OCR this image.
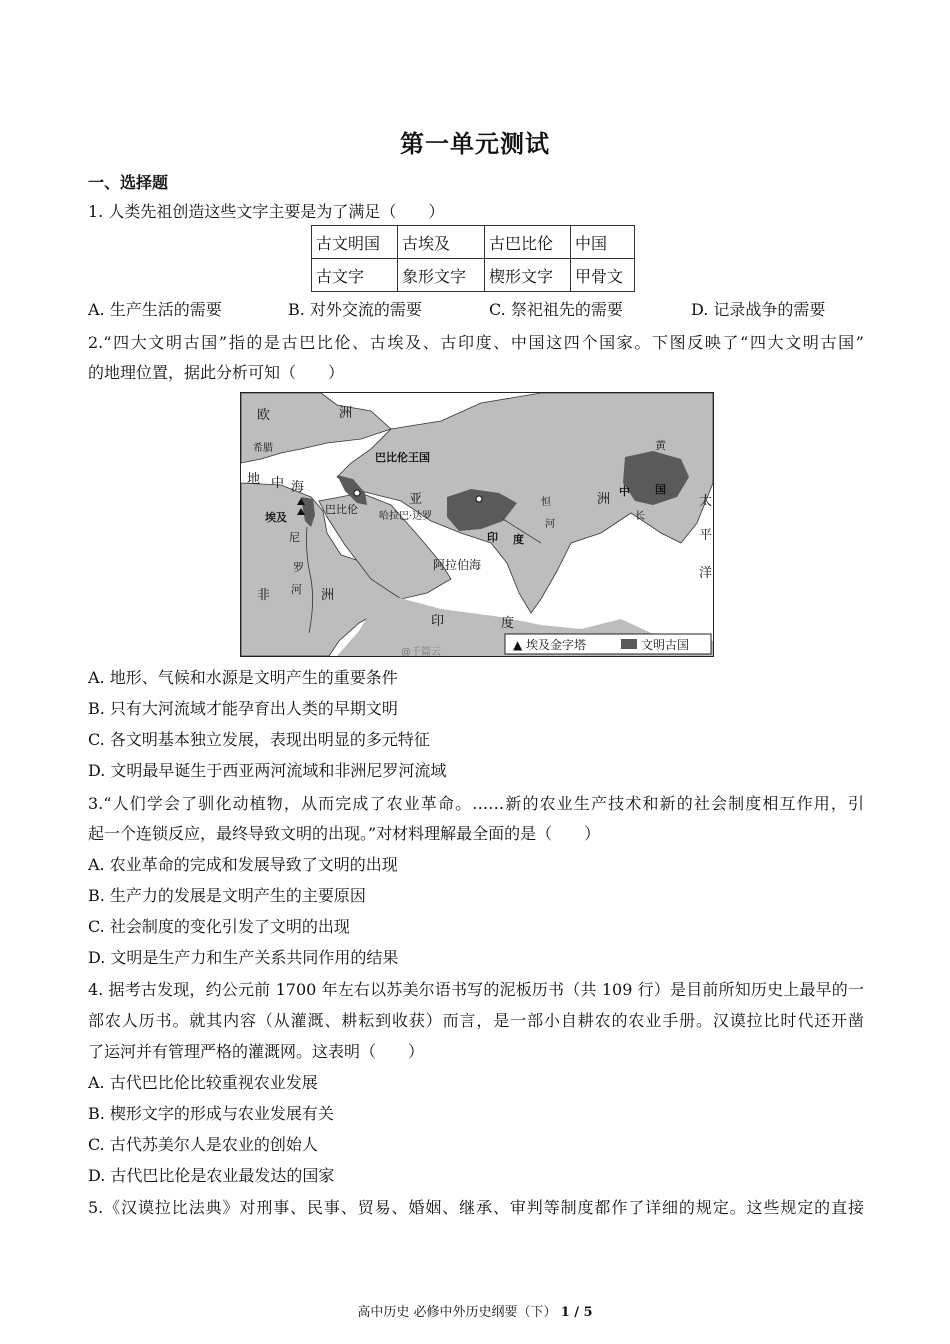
第一单元测试
一、选择题
1. 人类先祖创造这些文字主要是为了满足（　　）
古文明国	古埃及	古巴比伦	中国
古文字	象形文字	楔形文字	甲骨文
A. 生产生活的需要	B. 对外交流的需要	C. 祭祀祖先的需要	D. 记录战争的需要
2.“四大文明古国”指的是古巴比伦、古埃及、古印度、中国这四个国家。下图反映了“四大文明古国”
的地理位置，据此分析可知（　　）
欧	洲
希腊
地 中 海
埃及
尼
罗
河
非	洲
巴比伦王国
巴比伦
亚
哈拉巴·达罗
印 度
阿拉伯海
印	度
洲
中 国
黄
太
平
洋
恒
河
长
@千篇云
▲ 埃及金字塔	文明古国
A. 地形、气候和水源是文明产生的重要条件
B. 只有大河流域才能孕育出人类的早期文明
C. 各文明基本独立发展，表现出明显的多元特征
D. 文明最早诞生于西亚两河流域和非洲尼罗河流域
3.“人们学会了驯化动植物，从而完成了农业革命。……新的农业生产技术和新的社会制度相互作用，引
起一个连锁反应，最终导致文明的出现。”对材料理解最全面的是（　　）
A. 农业革命的完成和发展导致了文明的出现
B. 生产力的发展是文明产生的主要原因
C. 社会制度的变化引发了文明的出现
D. 文明是生产力和生产关系共同作用的结果
4. 据考古发现，约公元前 1700 年左右以苏美尔语书写的泥板历书（共 109 行）是目前所知历史上最早的一
部农人历书。就其内容（从灌溉、耕耘到收获）而言，是一部小自耕农的农业手册。汉谟拉比时代还开凿
了运河并有管理严格的灌溉网。这表明（　　）
A. 古代巴比伦比较重视农业发展
B. 楔形文字的形成与农业发展有关
C. 古代苏美尔人是农业的创始人
D. 古代巴比伦是农业最发达的国家
5.《汉谟拉比法典》对刑事、民事、贸易、婚姻、继承、审判等制度都作了详细的规定。这些规定的直接
高中历史 必修中外历史纲要（下） 1 / 5
